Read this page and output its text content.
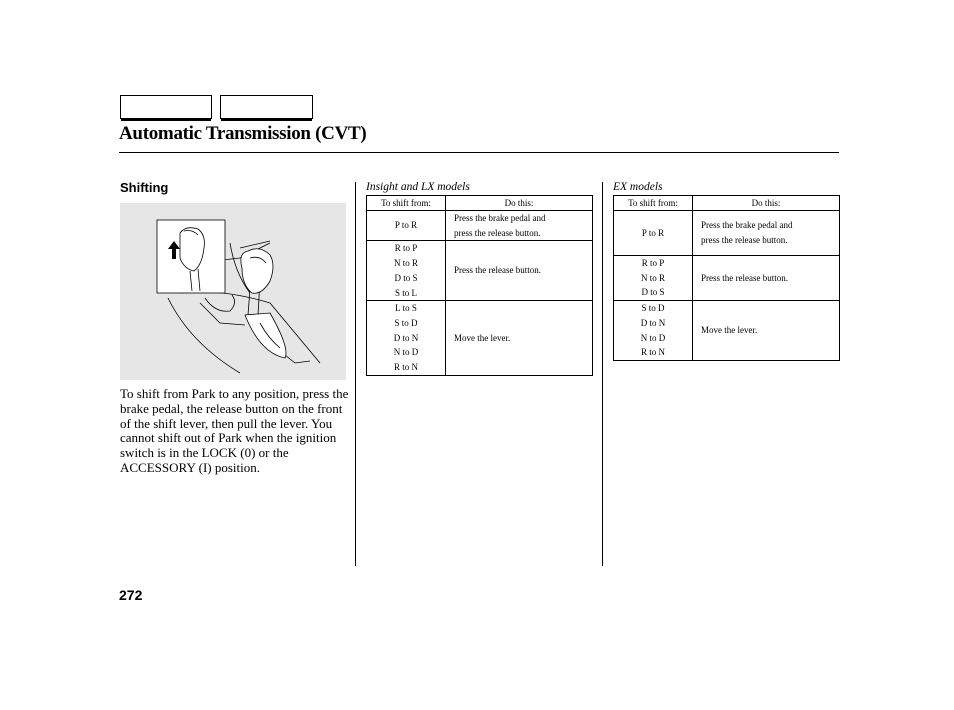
Automatic Transmission (CVT)
Shifting
To shift from Park to any position, press the brake pedal, the release button on the front of the shift lever, then pull the lever. You cannot shift out of Park when the ignition switch is in the LOCK (0) or the ACCESSORY (I) position.
Insight and LX models
To shift from:	Do this:

P to R	Press the brake pedal and
press the release button.

R to P
N to R
D to S
S to L	Press the release button.

L to S
S to D
D to N
N to D
R to N	Move the lever.
EX models
To shift from:	Do this:

P to R	Press the brake pedal and
press the release button.

R to P
N to R
D to S	Press the release button.

S to D
D to N
N to D
R to N	Move the lever.
272
